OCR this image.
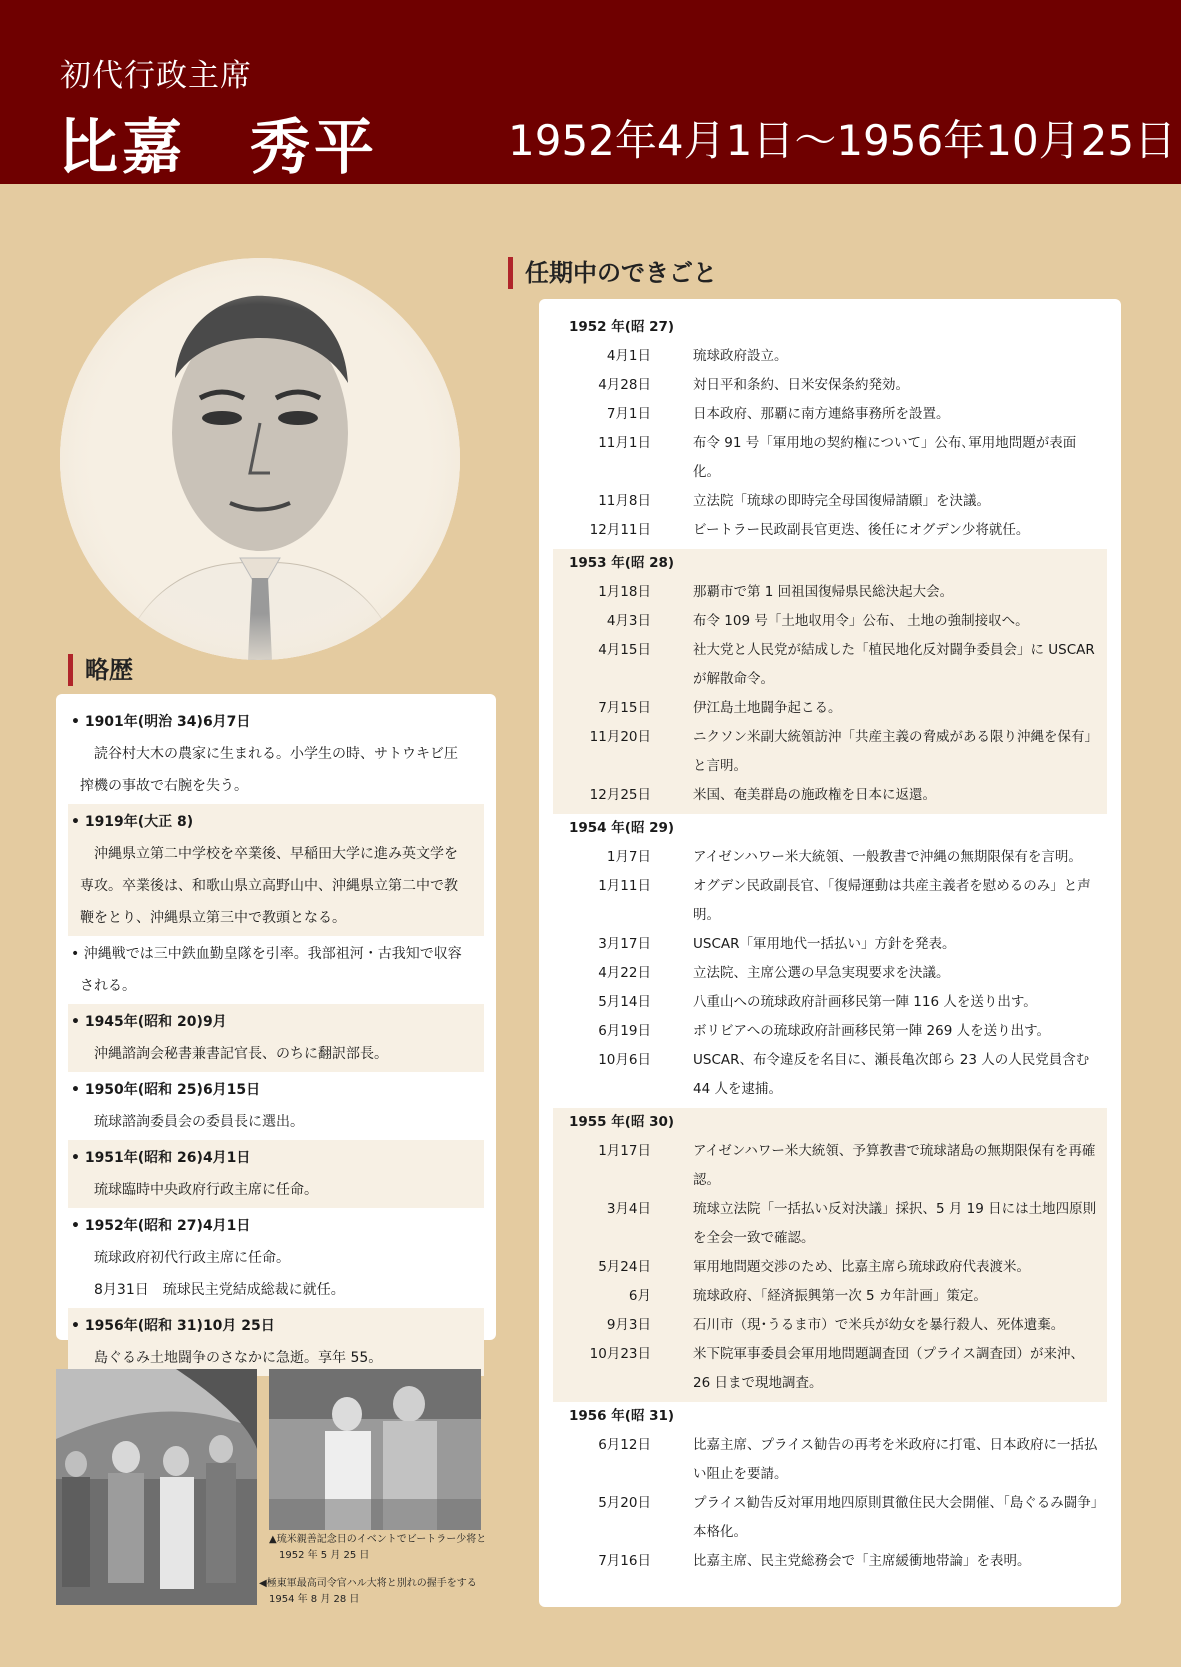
初代行政主席
比嘉　秀平	1952年4月1日～1956年10月25日
略歴
• 1901年(明治 34)6月7日
読谷村大木の農家に生まれる。小学生の時、サトウキビ圧
搾機の事故で右腕を失う。
• 1919年(大正 8)
沖縄県立第二中学校を卒業後、早稲田大学に進み英文学を
専攻。卒業後は、和歌山県立高野山中、沖縄県立第二中で教
鞭をとり、沖縄県立第三中で教頭となる。
• 沖縄戦では三中鉄血勤皇隊を引率。我部祖河・古我知で収容
される。
• 1945年(昭和 20)9月
沖縄諮詢会秘書兼書記官長、のちに翻訳部長。
• 1950年(昭和 25)6月15日
琉球諮詢委員会の委員長に選出。
• 1951年(昭和 26)4月1日
琉球臨時中央政府行政主席に任命。
• 1952年(昭和 27)4月1日
琉球政府初代行政主席に任命。
8月31日　琉球民主党結成総裁に就任。
• 1956年(昭和 31)10月 25日
島ぐるみ土地闘争のさなかに急逝。享年 55。
任期中のできごと
1952 年(昭 27)
4月1日	琉球政府設立。
4月28日	対日平和条約、日米安保条約発効。
7月1日	日本政府、那覇に南方連絡事務所を設置。
11月1日	布令 91 号「軍用地の契約権について」公布､軍用地問題が表面化。
11月8日	立法院「琉球の即時完全母国復帰請願」を決議。
12月11日	ビートラー民政副長官更迭、後任にオグデン少将就任。
1953 年(昭 28)
1月18日	那覇市で第 1 回祖国復帰県民総決起大会。
4月3日	布令 109 号「土地収用令」公布、 土地の強制接収へ。
4月15日	社大党と人民党が結成した「植民地化反対闘争委員会」に USCAR が解散命令。
7月15日	伊江島土地闘争起こる。
11月20日	ニクソン米副大統領訪沖「共産主義の脅威がある限り沖縄を保有」と言明。
12月25日	米国、奄美群島の施政権を日本に返還。
1954 年(昭 29)
1月7日	アイゼンハワー米大統領、一般教書で沖縄の無期限保有を言明。
1月11日	オグデン民政副長官、「復帰運動は共産主義者を慰めるのみ」と声明。
3月17日	USCAR「軍用地代一括払い」方針を発表。
4月22日	立法院、主席公選の早急実現要求を決議。
5月14日	八重山への琉球政府計画移民第一陣 116 人を送り出す。
6月19日	ボリビアへの琉球政府計画移民第一陣 269 人を送り出す。
10月6日	USCAR、布令違反を名目に、瀬長亀次郎ら 23 人の人民党員含む 44 人を逮捕。
1955 年(昭 30)
1月17日	アイゼンハワー米大統領、予算教書で琉球諸島の無期限保有を再確認。
3月4日	琉球立法院「一括払い反対決議」採択、5 月 19 日には土地四原則を全会一致で確認。
5月24日	軍用地問題交渉のため、比嘉主席ら琉球政府代表渡米。
6月	琉球政府、「経済振興第一次 5 カ年計画」策定。
9月3日	石川市（現･うるま市）で米兵が幼女を暴行殺人、死体遺棄。
10月23日	米下院軍事委員会軍用地問題調査団（プライス調査団）が来沖、26 日まで現地調査。
1956 年(昭 31)
6月12日	比嘉主席、プライス勧告の再考を米政府に打電、日本政府に一括払い阻止を要請。
5月20日	プライス勧告反対軍用地四原則貫徹住民大会開催、「島ぐるみ闘争」本格化。
7月16日	比嘉主席、民主党総務会で「主席緩衝地帯論」を表明。
▲琉米親善記念日のイベントでビートラー少将と
1952 年 5 月 25 日
◀極東軍最高司令官ハル大将と別れの握手をする
1954 年 8 月 28 日
